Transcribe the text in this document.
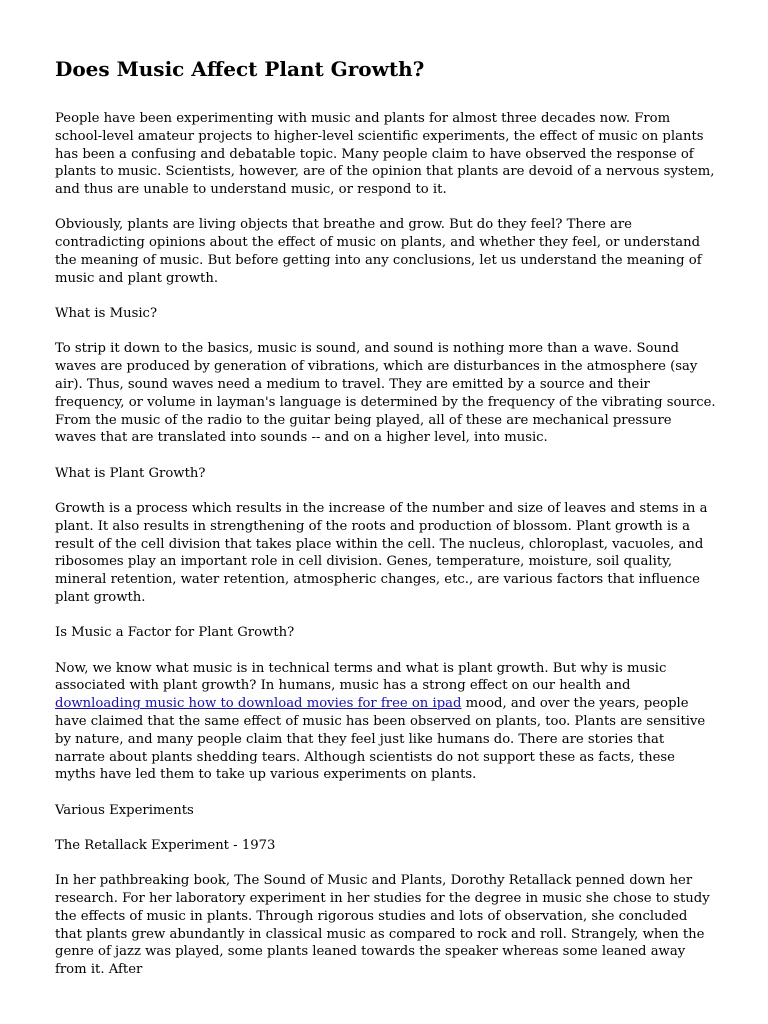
Does Music Affect Plant Growth?

People have been experimenting with music and plants for almost three decades now. From school-level amateur projects to higher-level scientific experiments, the effect of music on plants has been a confusing and debatable topic. Many people claim to have observed the response of plants to music. Scientists, however, are of the opinion that plants are devoid of a nervous system, and thus are unable to understand music, or respond to it.

Obviously, plants are living objects that breathe and grow. But do they feel? There are contradicting opinions about the effect of music on plants, and whether they feel, or understand the meaning of music. But before getting into any conclusions, let us understand the meaning of music and plant growth.

What is Music?

To strip it down to the basics, music is sound, and sound is nothing more than a wave. Sound waves are produced by generation of vibrations, which are disturbances in the atmosphere (say air). Thus, sound waves need a medium to travel. They are emitted by a source and their frequency, or volume in layman's language is determined by the frequency of the vibrating source. From the music of the radio to the guitar being played, all of these are mechanical pressure waves that are translated into sounds -- and on a higher level, into music.

What is Plant Growth?

Growth is a process which results in the increase of the number and size of leaves and stems in a plant. It also results in strengthening of the roots and production of blossom. Plant growth is a result of the cell division that takes place within the cell. The nucleus, chloroplast, vacuoles, and ribosomes play an important role in cell division. Genes, temperature, moisture, soil quality, mineral retention, water retention, atmospheric changes, etc., are various factors that influence plant growth.

Is Music a Factor for Plant Growth?

Now, we know what music is in technical terms and what is plant growth. But why is music associated with plant growth? In humans, music has a strong effect on our health and downloading music how to download movies for free on ipad mood, and over the years, people have claimed that the same effect of music has been observed on plants, too. Plants are sensitive by nature, and many people claim that they feel just like humans do. There are stories that narrate about plants shedding tears. Although scientists do not support these as facts, these myths have led them to take up various experiments on plants.

Various Experiments

The Retallack Experiment - 1973

In her pathbreaking book, The Sound of Music and Plants, Dorothy Retallack penned down her research. For her laboratory experiment in her studies for the degree in music she chose to study the effects of music in plants. Through rigorous studies and lots of observation, she concluded that plants grew abundantly in classical music as compared to rock and roll. Strangely, when the genre of jazz was played, some plants leaned towards the speaker whereas some leaned away from it. After
